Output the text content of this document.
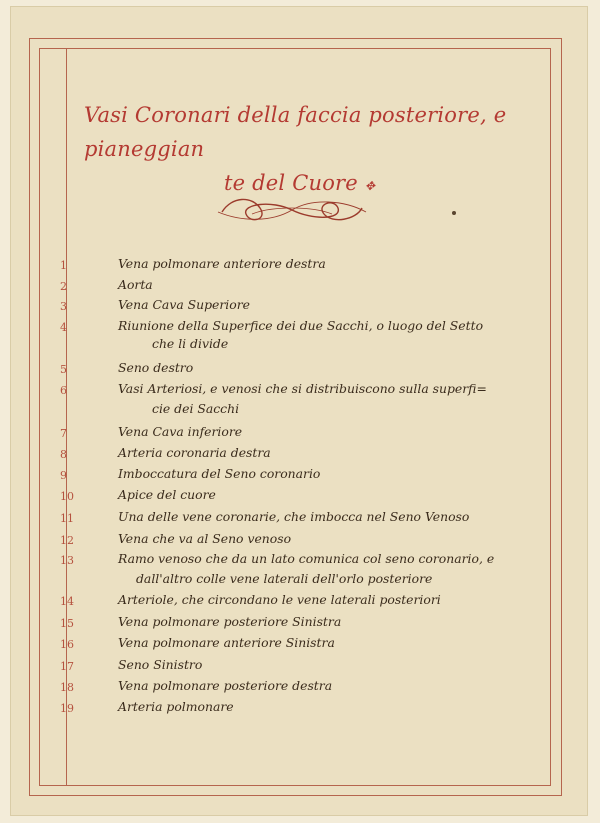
Vasi Coronari della faccia posteriore, e pianeggian
te del Cuore ✥
1	Vena polmonare anteriore destra
2	Aorta
3	Vena Cava Superiore
4	Riunione della Superfice dei due Sacchi, o luogo del Setto
che li divide
5	Seno destro
6	Vasi Arteriosi, e venosi che si distribuiscono sulla superfi=
cie dei Sacchi
7	Vena Cava inferiore
8	Arteria coronaria destra
9	Imboccatura del Seno coronario
10	Apice del cuore
11	Una delle vene coronarie, che imbocca nel Seno Venoso
12	Vena che va al Seno venoso
13	Ramo venoso che da un lato comunica col seno coronario, e
dall'altro colle vene laterali dell'orlo posteriore
14	Arteriole, che circondano le vene laterali posteriori
15	Vena polmonare posteriore Sinistra
16	Vena polmonare anteriore Sinistra
17	Seno Sinistro
18	Vena polmonare posteriore destra
19	Arteria polmonare
